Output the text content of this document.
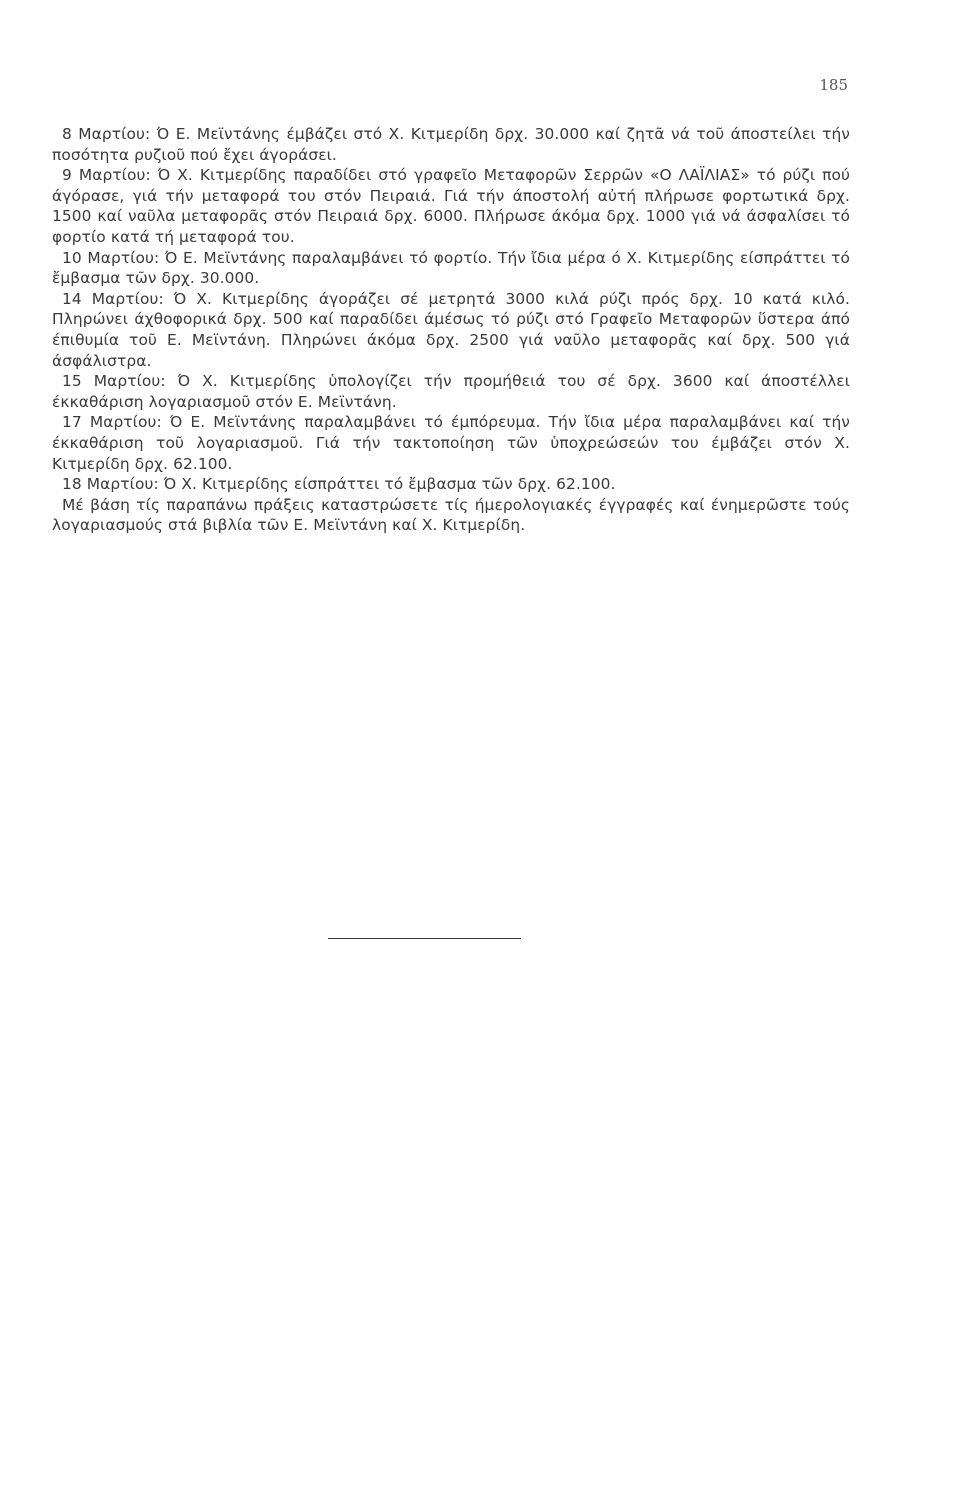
185

8 Μαρτίου: Ό Ε. Μεϊντάνης έμβάζει στό Χ. Κιτμερίδη δρχ. 30.000 καί ζητᾶ νά τοῦ άποστείλει τήν ποσότητα ρυζιοῦ πού ἔχει άγοράσει.

9 Μαρτίου: Ό Χ. Κιτμερίδης παραδίδει στό γραφεῖο Μεταφορῶν Σερρῶν «Ο ΛΑΪΛΙΑΣ» τό ρύζι πού άγόρασε, γιά τήν μεταφορά του στόν Πειραιά. Γιά τήν άποστολή αὐτή πλήρωσε φορτωτικά δρχ. 1500 καί ναῦλα μεταφορᾶς στόν Πειραιά δρχ. 6000. Πλήρωσε άκόμα δρχ. 1000 γιά νά άσφαλίσει τό φορτίο κατά τή μεταφορά του.

10 Μαρτίου: Ό Ε. Μεϊντάνης παραλαμβάνει τό φορτίο. Τήν ἴδια μέρα ό Χ. Κιτμερίδης είσπράττει τό ἔμβασμα τῶν δρχ. 30.000.

14 Μαρτίου: Ό Χ. Κιτμερίδης άγοράζει σέ μετρητά 3000 κιλά ρύζι πρός δρχ. 10 κατά κιλό. Πληρώνει άχθοφορικά δρχ. 500 καί παραδίδει άμέσως τό ρύζι στό Γραφεῖο Μεταφορῶν ὕστερα άπό έπιθυμία τοῦ Ε. Μεϊντάνη. Πληρώνει άκόμα δρχ. 2500 γιά ναῦλο μεταφορᾶς καί δρχ. 500 γιά άσφάλιστρα.

15 Μαρτίου: Ό Χ. Κιτμερίδης ὑπολογίζει τήν προμήθειά του σέ δρχ. 3600 καί άποστέλλει έκκαθάριση λογαριασμοῦ στόν Ε. Μεϊντάνη.

17 Μαρτίου: Ό Ε. Μεϊντάνης παραλαμβάνει τό έμπόρευμα. Τήν ἴδια μέρα παραλαμβάνει καί τήν έκκαθάριση τοῦ λογαριασμοῦ. Γιά τήν τακτοποίηση τῶν ὑποχρεώσεών του έμβάζει στόν Χ. Κιτμερίδη δρχ. 62.100.

18 Μαρτίου: Ό Χ. Κιτμερίδης είσπράττει τό ἔμβασμα τῶν δρχ. 62.100.

Μέ βάση τίς παραπάνω πράξεις καταστρώσετε τίς ήμερολογιακές έγγραφές καί ένημερῶστε τούς λογαριασμούς στά βιβλία τῶν Ε. Μεϊντάνη καί Χ. Κιτμερίδη.
